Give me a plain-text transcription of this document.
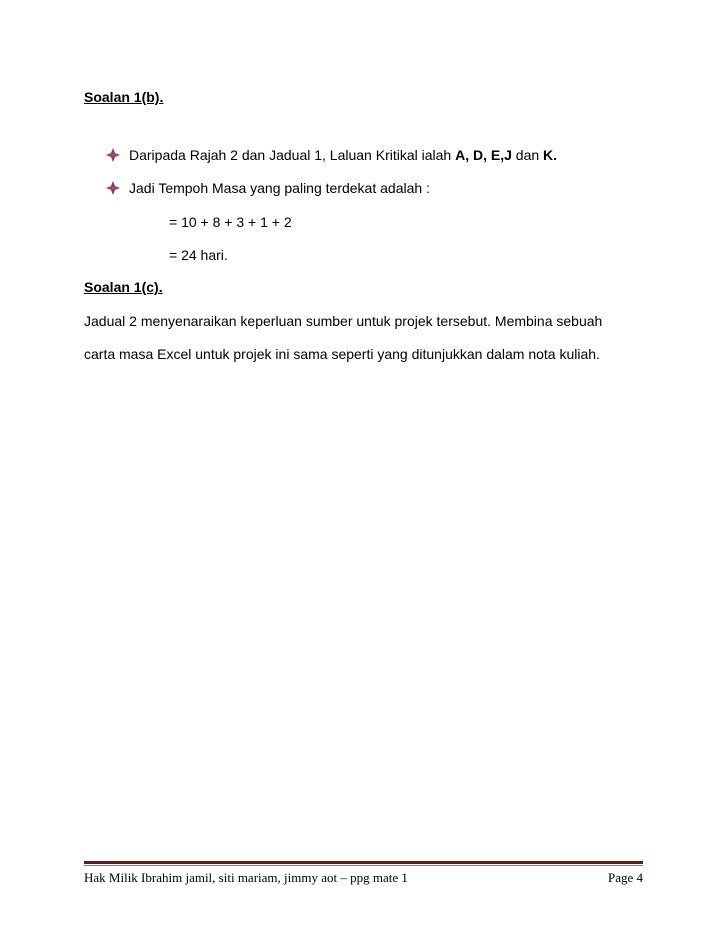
Soalan 1(b).
Daripada Rajah 2 dan Jadual 1, Laluan Kritikal ialah A, D, E,J dan K.
Jadi Tempoh Masa yang paling terdekat adalah :
= 10 + 8 + 3 + 1 + 2
= 24 hari.
Soalan 1(c).
Jadual 2 menyenaraikan keperluan sumber untuk projek tersebut. Membina sebuah
carta masa Excel untuk projek ini sama seperti yang ditunjukkan dalam nota kuliah.
Hak Milik Ibrahim jamil, siti mariam, jimmy aot – ppg mate 1	Page 4
